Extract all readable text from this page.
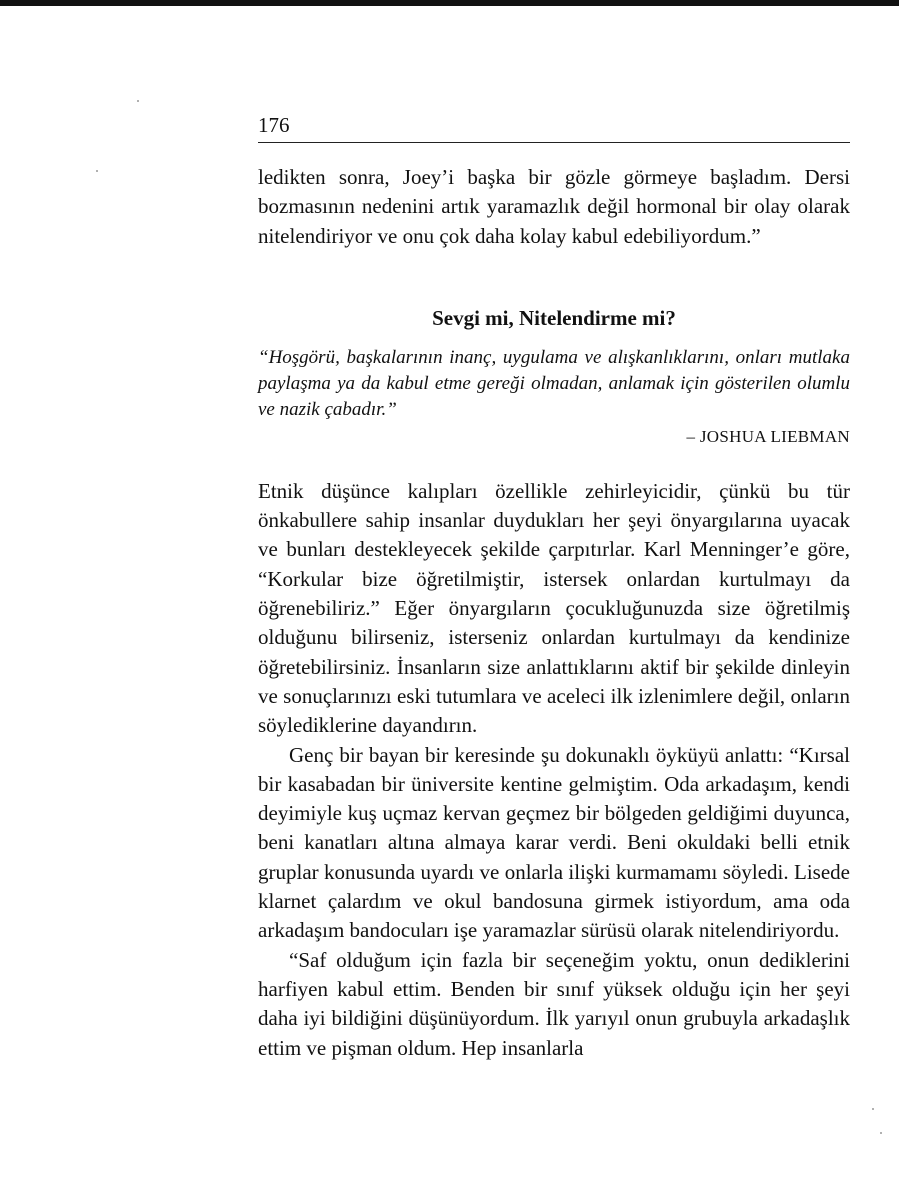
176

ledikten sonra, Joey’i başka bir gözle görmeye başladım. Dersi bozmasının nedenini artık yaramazlık değil hormonal bir olay olarak nitelendiriyor ve onu çok daha kolay kabul edebiliyordum.”

Sevgi mi, Nitelendirme mi?

“Hoşgörü, başkalarının inanç, uygulama ve alışkanlıklarını, onları mutlaka paylaşma ya da kabul etme gereği olmadan, anlamak için gösterilen olumlu ve nazik çabadır.”

– JOSHUA LIEBMAN

Etnik düşünce kalıpları özellikle zehirleyicidir, çünkü bu tür önkabullere sahip insanlar duydukları her şeyi önyargılarına uyacak ve bunları destekleyecek şekilde çarpıtırlar. Karl Menninger’e göre, “Korkular bize öğretilmiştir, istersek onlardan kurtulmayı da öğrenebiliriz.” Eğer önyargıların çocukluğunuzda size öğretilmiş olduğunu bilirseniz, isterseniz onlardan kurtulmayı da kendinize öğretebilirsiniz. İnsanların size anlattıklarını aktif bir şekilde dinleyin ve sonuçlarınızı eski tutumlara ve aceleci ilk izlenimlere değil, onların söylediklerine dayandırın.

Genç bir bayan bir keresinde şu dokunaklı öyküyü anlattı: “Kırsal bir kasabadan bir üniversite kentine gelmiştim. Oda arkadaşım, kendi deyimiyle kuş uçmaz kervan geçmez bir bölgeden geldiğimi duyunca, beni kanatları altına almaya karar verdi. Beni okuldaki belli etnik gruplar konusunda uyardı ve onlarla ilişki kurmamamı söyledi. Lisede klarnet çalardım ve okul bandosuna girmek istiyordum, ama oda arkadaşım bandocuları işe yaramazlar sürüsü olarak nitelendiriyordu.

“Saf olduğum için fazla bir seçeneğim yoktu, onun dediklerini harfiyen kabul ettim. Benden bir sınıf yüksek olduğu için her şeyi daha iyi bildiğini düşünüyordum. İlk yarıyıl onun grubuyla arkadaşlık ettim ve pişman oldum. Hep insanlarla
